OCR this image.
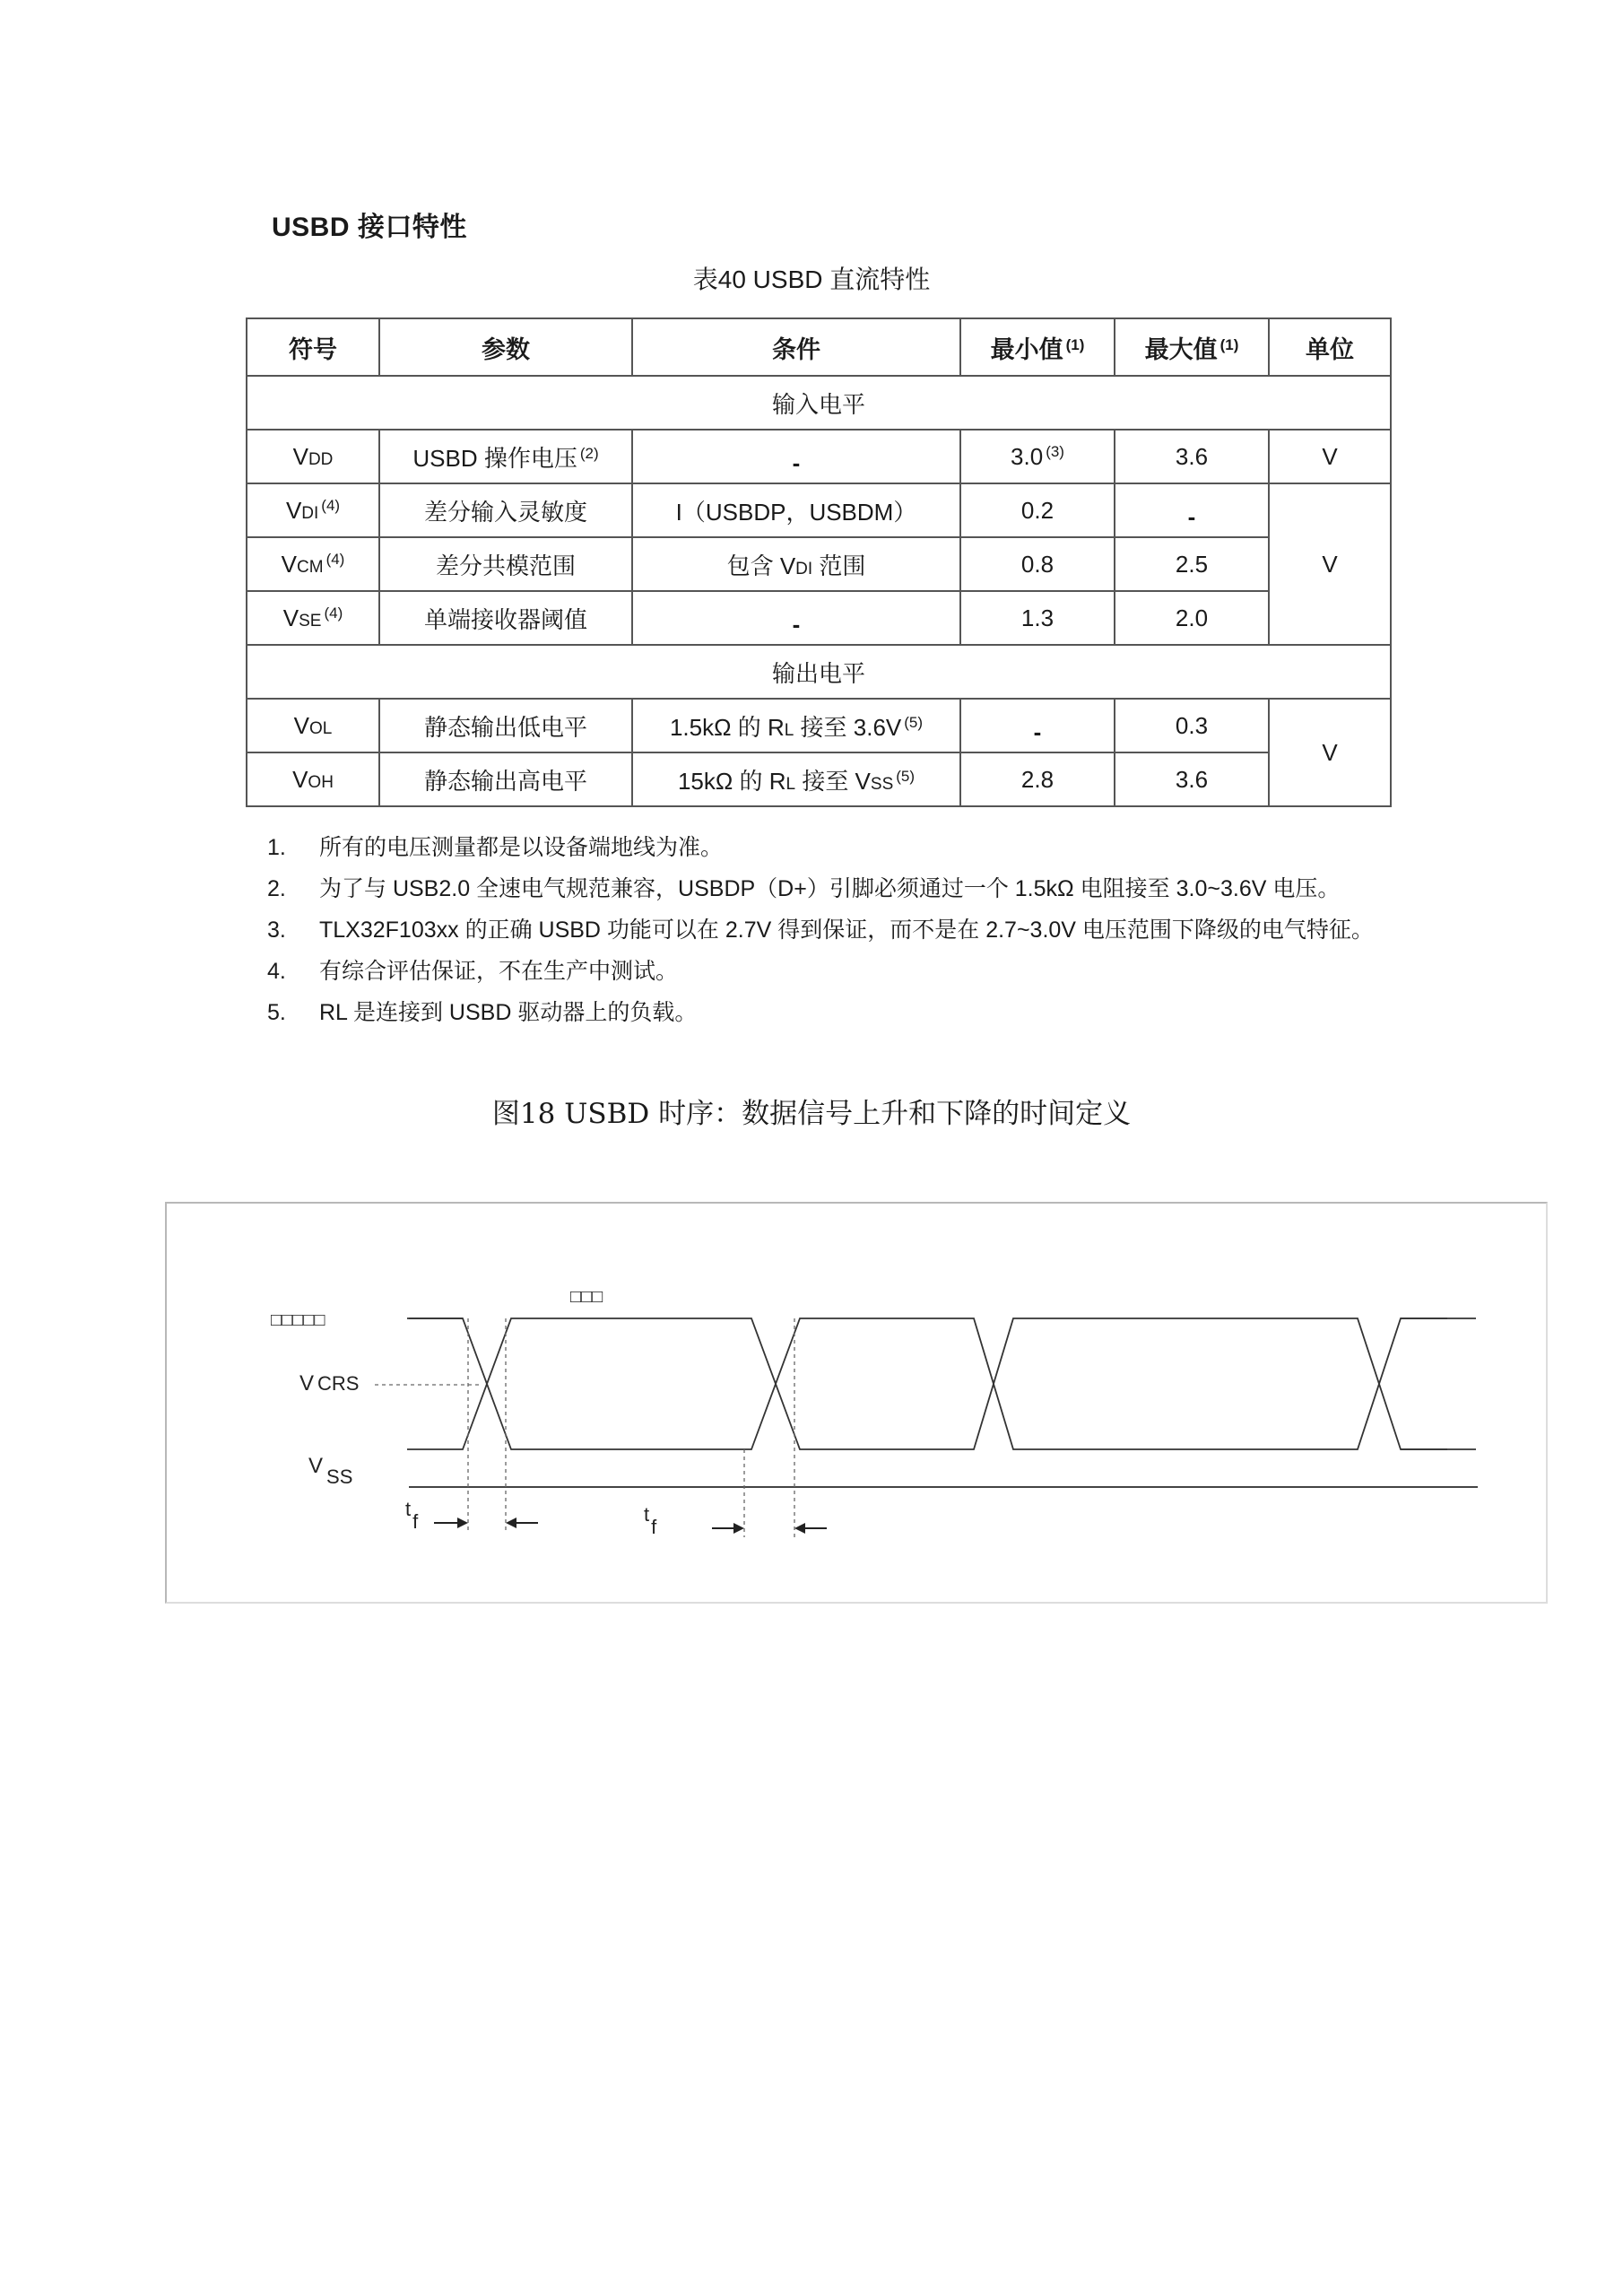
USBD 接口特性
表40 USBD 直流特性
符号	参数	条件	最小值 $^{(1)}$	最大值 $^{(1)}$	单位
输入电平					
VDD	USBD 操作电压 $^{(2)}$	-	3.0 $^{(3)}$	3.6	V
VDI $^{(4)}$	差分输入灵敏度	I（USBDP，USBDM）	0.2	-	V
VCM $^{(4)}$	差分共模范围	包含 VDI 范围	0.8	2.5	
VSE $^{(4)}$	单端接收器阈值	-	1.3	2.0	
输出电平					
VOL	静态输出低电平	1.5kΩ 的 RL 接至 3.6V $^{(5)}$	-	0.3	V
VOH	静态输出高电平	15kΩ 的 RL 接至 VSS $^{(5)}$	2.8	3.6	
1. 所有的电压测量都是以设备端地线为准。
2. 为了与 USB2.0 全速电气规范兼容，USBDP（D+）引脚必须通过一个 1.5kΩ 电阻接至 3.0~3.6V 电压。
3. TLX32F103xx 的正确 USBD 功能可以在 2.7V 得到保证，而不是在 2.7~3.0V 电压范围下降级的电气特征。
4. 有综合评估保证，不在生产中测试。
5. RL 是连接到 USBD 驱动器上的负载。
图18 USBD 时序：数据信号上升和下降的时间定义
□□□□□
□□□
V CRS
V SS
tf	tf
